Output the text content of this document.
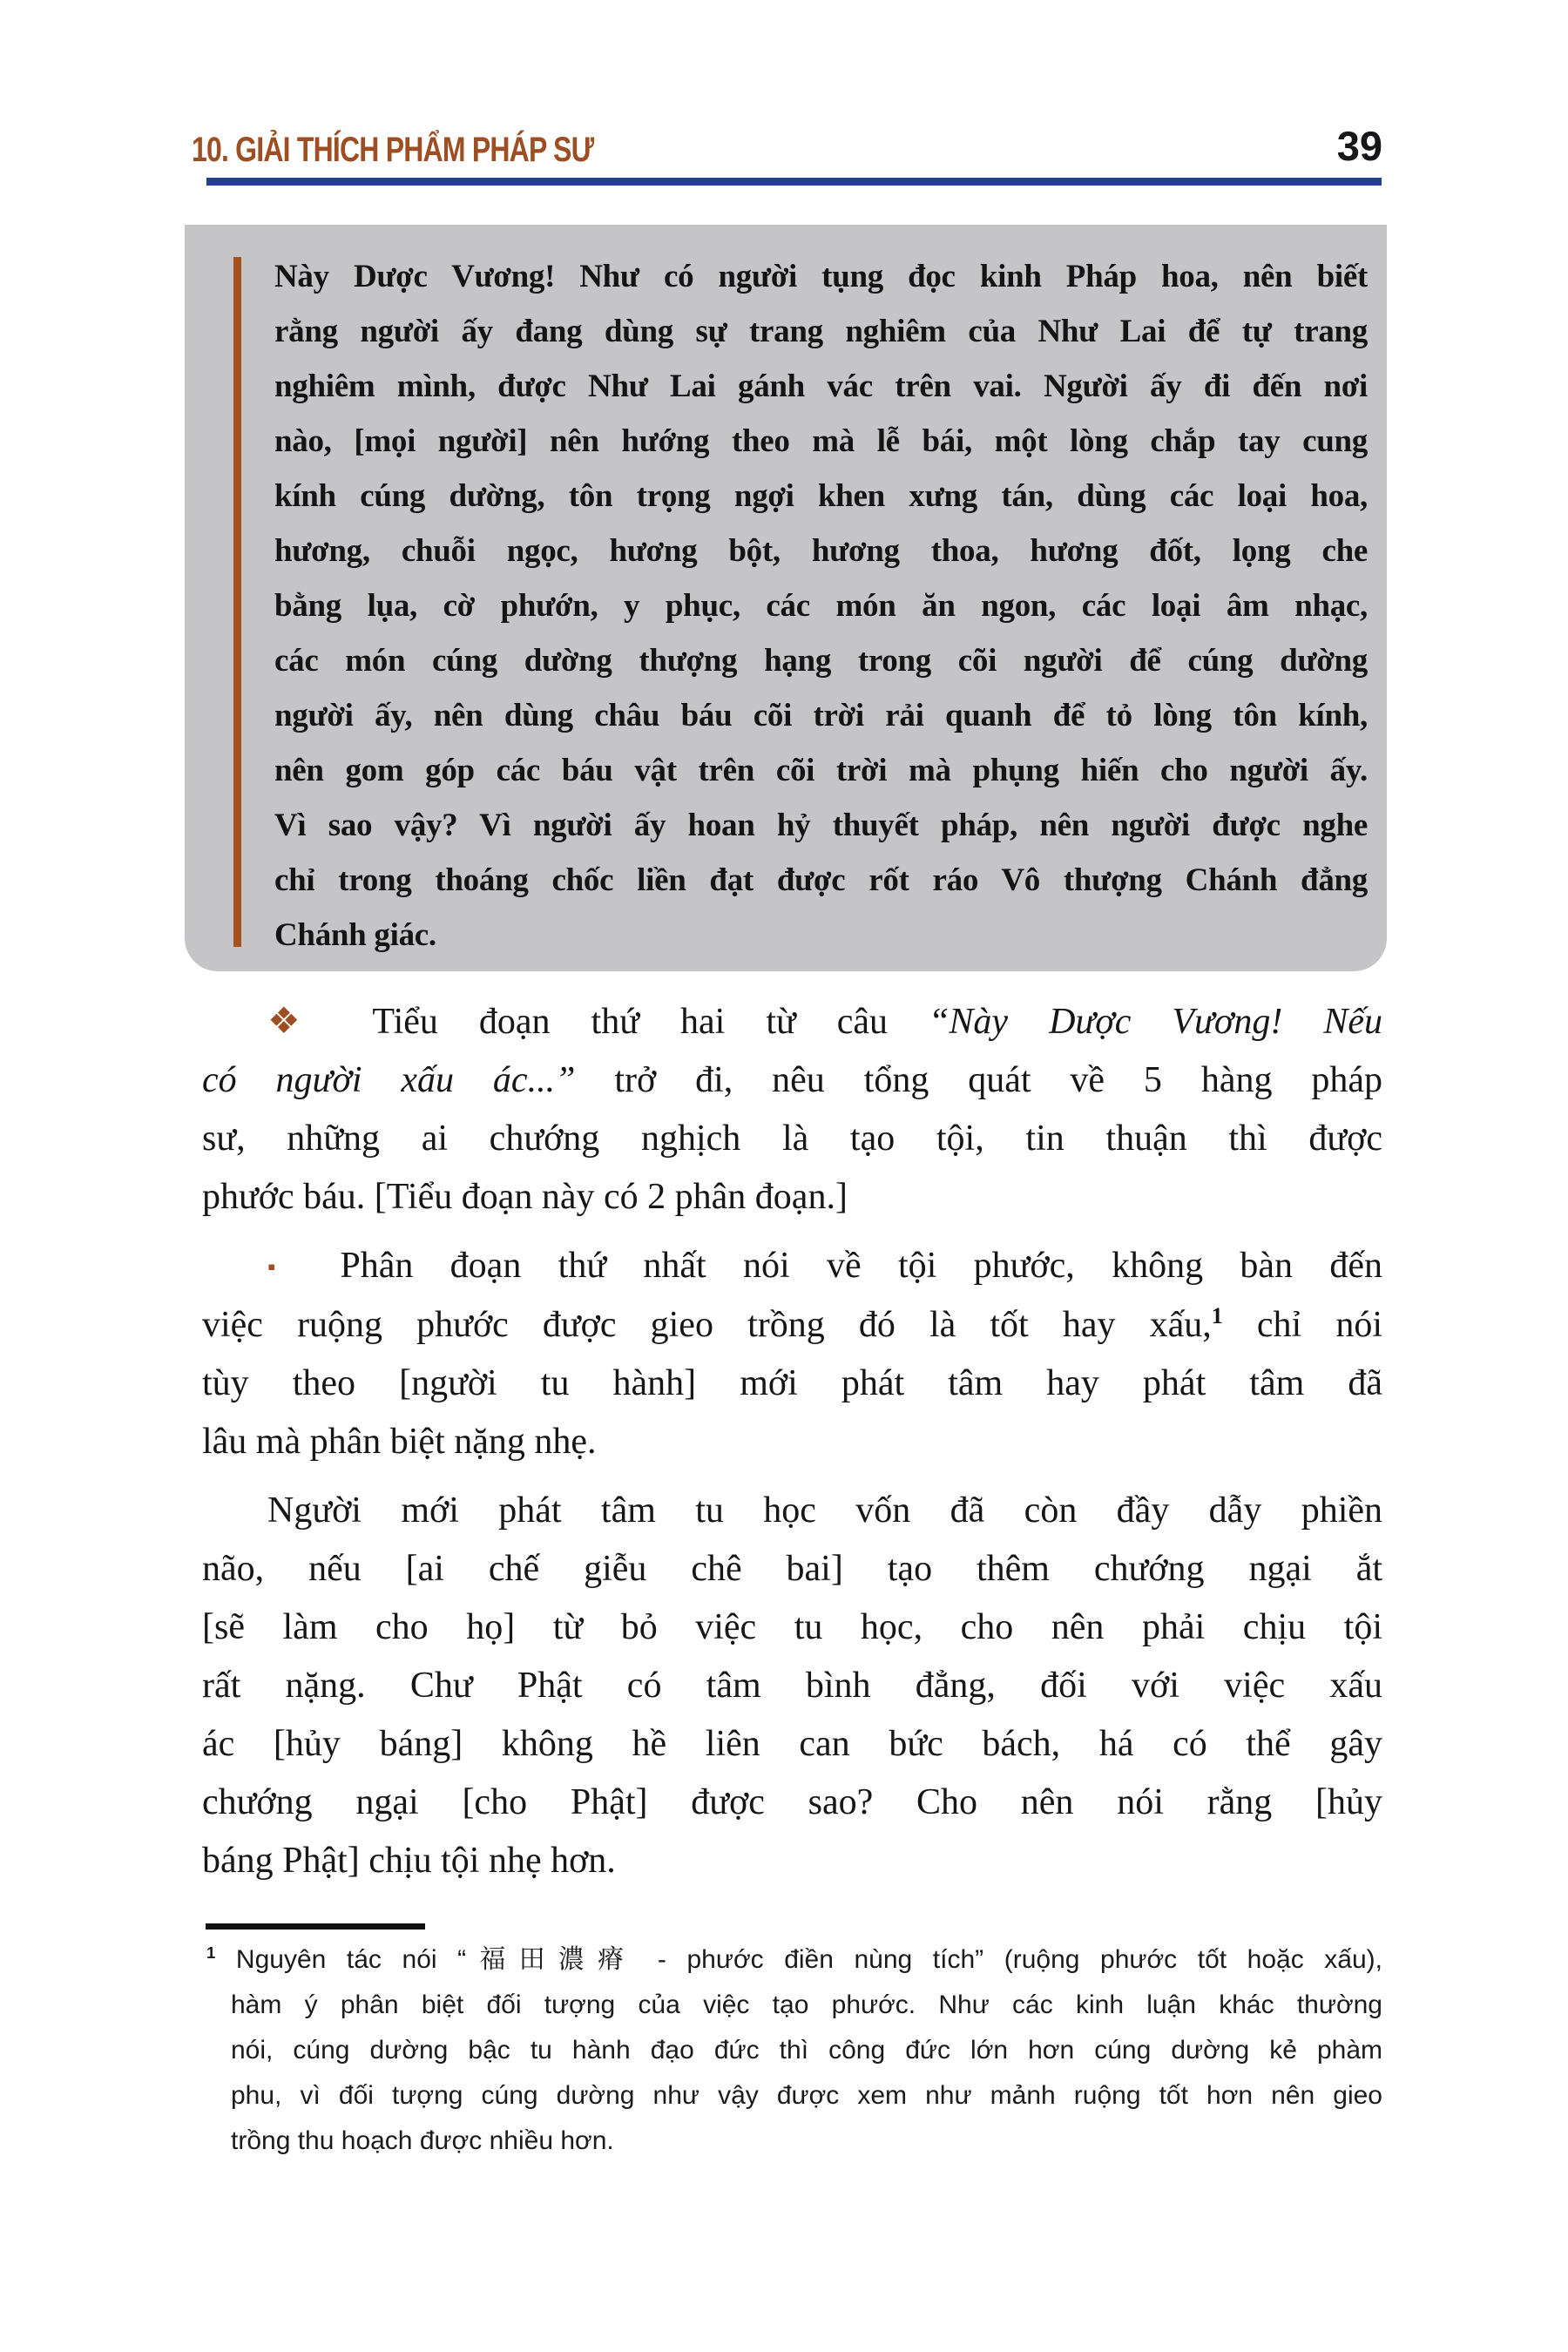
10. GIẢI THÍCH PHẨM PHÁP SƯ	39
Này Dược Vương! Như có người tụng đọc kinh Pháp hoa, nên biết
rằng người ấy đang dùng sự trang nghiêm của Như Lai để tự trang
nghiêm mình, được Như Lai gánh vác trên vai. Người ấy đi đến nơi
nào, [mọi người] nên hướng theo mà lễ bái, một lòng chắp tay cung
kính cúng dường, tôn trọng ngợi khen xưng tán, dùng các loại hoa,
hương, chuỗi ngọc, hương bột, hương thoa, hương đốt, lọng che
bằng lụa, cờ phướn, y phục, các món ăn ngon, các loại âm nhạc,
các món cúng dường thượng hạng trong cõi người để cúng dường
người ấy, nên dùng châu báu cõi trời rải quanh để tỏ lòng tôn kính,
nên gom góp các báu vật trên cõi trời mà phụng hiến cho người ấy.
Vì sao vậy? Vì người ấy hoan hỷ thuyết pháp, nên người được nghe
chỉ trong thoáng chốc liền đạt được rốt ráo Vô thượng Chánh đẳng
Chánh giác.
❖ Tiểu đoạn thứ hai từ câu “Này Dược Vương! Nếu
có người xấu ác...” trở đi, nêu tổng quát về 5 hàng pháp
sư, những ai chướng nghịch là tạo tội, tin thuận thì được
phước báu. [Tiểu đoạn này có 2 phân đoạn.]
▪ Phân đoạn thứ nhất nói về tội phước, không bàn đến
việc ruộng phước được gieo trồng đó là tốt hay xấu,$^1$ chỉ nói
tùy theo [người tu hành] mới phát tâm hay phát tâm đã
lâu mà phân biệt nặng nhẹ.
Người mới phát tâm tu học vốn đã còn đầy dẫy phiền
não, nếu [ai chế giễu chê bai] tạo thêm chướng ngại ắt
[sẽ làm cho họ] từ bỏ việc tu học, cho nên phải chịu tội
rất nặng. Chư Phật có tâm bình đẳng, đối với việc xấu
ác [hủy báng] không hề liên can bức bách, há có thể gây
chướng ngại [cho Phật] được sao? Cho nên nói rằng [hủy
báng Phật] chịu tội nhẹ hơn.
$^1$ Nguyên tác nói “福田濃瘠 - phước điền nùng tích” (ruộng phước tốt hoặc xấu),
hàm ý phân biệt đối tượng của việc tạo phước. Như các kinh luận khác thường
nói, cúng dường bậc tu hành đạo đức thì công đức lớn hơn cúng dường kẻ phàm
phu, vì đối tượng cúng dường như vậy được xem như mảnh ruộng tốt hơn nên gieo
trồng thu hoạch được nhiều hơn.
